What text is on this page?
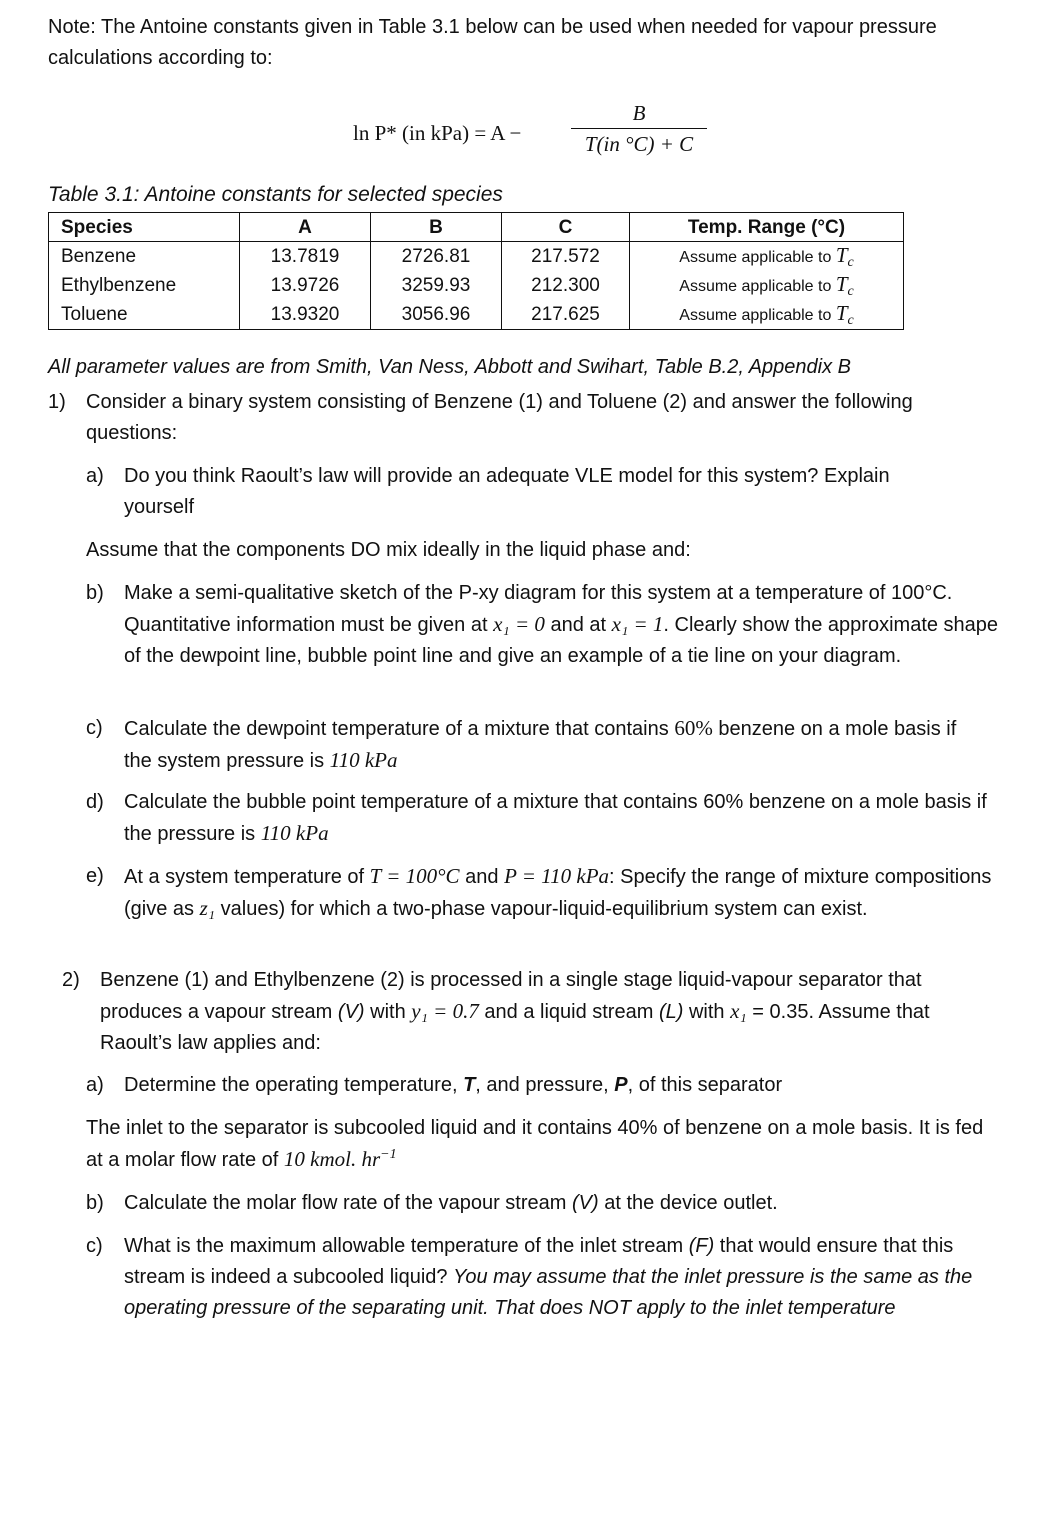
Note: The Antoine constants given in Table 3.1 below can be used when needed for vapour pressure calculations according to:

ln P* (in kPa) = A −
B
T(in °C) + C
Table 3.1: Antoine constants for selected species
Species	A	B	C	Temp. Range (°C)
Benzene	13.7819	2726.81	217.572	Assume applicable to $T_c$
Ethylbenzene	13.9726	3259.93	212.300	Assume applicable to $T_c$
Toluene	13.9320	3056.96	217.625	Assume applicable to $T_c$
All parameter values are from Smith, Van Ness, Abbott and Swihart, Table B.2, Appendix B
1) Consider a binary system consisting of Benzene (1) and Toluene (2) and answer the following questions:
a) Do you think Raoult’s law will provide an adequate VLE model for this system? Explain yourself
Assume that the components DO mix ideally in the liquid phase and:
b) Make a semi-qualitative sketch of the P-xy diagram for this system at a temperature of 100°C. Quantitative information must be given at x₁ = 0 and at x₁ = 1. Clearly show the approximate shape of the dewpoint line, bubble point line and give an example of a tie line on your diagram.
c) Calculate the dewpoint temperature of a mixture that contains 60% benzene on a mole basis if the system pressure is 110 kPa
d) Calculate the bubble point temperature of a mixture that contains 60% benzene on a mole basis if the pressure is 110 kPa
e) At a system temperature of T = 100°C and P = 110 kPa: Specify the range of mixture compositions (give as z₁ values) for which a two-phase vapour-liquid-equilibrium system can exist.
2) Benzene (1) and Ethylbenzene (2) is processed in a single stage liquid-vapour separator that produces a vapour stream (V) with y₁ = 0.7 and a liquid stream (L) with x₁ = 0.35. Assume that Raoult’s law applies and:
a) Determine the operating temperature, T, and pressure, P, of this separator
The inlet to the separator is subcooled liquid and it contains 40% of benzene on a mole basis. It is fed at a molar flow rate of 10 kmol. $hr^{-1}$
b) Calculate the molar flow rate of the vapour stream (V) at the device outlet.
c) What is the maximum allowable temperature of the inlet stream (F) that would ensure that this stream is indeed a subcooled liquid? You may assume that the inlet pressure is the same as the operating pressure of the separating unit. That does NOT apply to the inlet temperature
